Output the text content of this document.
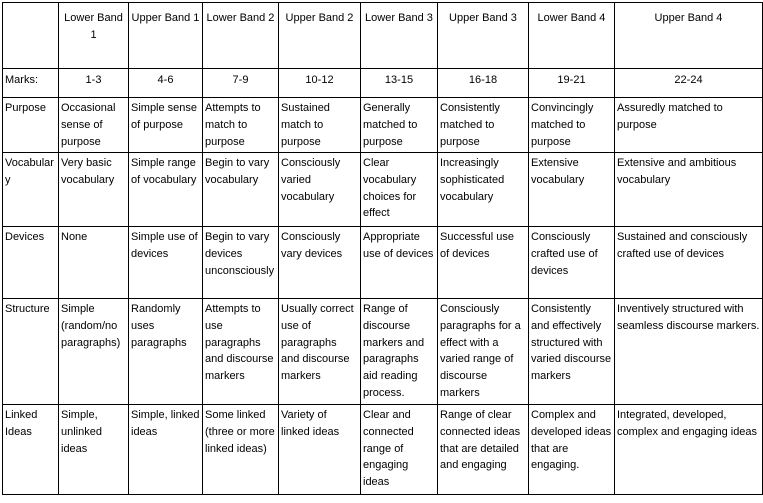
	Lower Band 1	Upper Band 1	Lower Band 2	Upper Band 2	Lower Band 3	Upper Band 3	Lower Band 4	Upper Band 4
Marks:	1-3	4-6	7-9	10-12	13-15	16-18	19-21	22-24
Purpose	Occasional sense of purpose	Simple sense of purpose	Attempts to match to purpose	Sustained match to purpose	Generally matched to purpose	Consistently matched to purpose	Convincingly matched to purpose	Assuredly matched to purpose
Vocabulary	Very basic vocabulary	Simple range of vocabulary	Begin to vary vocabulary	Consciously varied vocabulary	Clear vocabulary choices for effect	Increasingly sophisticated vocabulary	Extensive vocabulary	Extensive and ambitious vocabulary
Devices	None	Simple use of devices	Begin to vary devices unconsciously	Consciously vary devices	Appropriate use of devices	Successful use of devices	Consciously crafted use of devices	Sustained and consciously crafted use of devices
Structure	Simple (random/no paragraphs)	Randomly uses paragraphs	Attempts to use paragraphs and discourse markers	Usually correct use of paragraphs and discourse markers	Range of discourse markers and paragraphs aid reading process.	Consciously paragraphs for a effect with a varied range of discourse markers	Consistently and effectively structured with varied discourse markers	Inventively structured with seamless discourse markers.
Linked Ideas	Simple, unlinked ideas	Simple, linked ideas	Some linked (three or more linked ideas)	Variety of linked ideas	Clear and connected range of engaging ideas	Range of clear connected ideas that are detailed and engaging	Complex and developed ideas that are engaging.	Integrated, developed, complex and engaging ideas
